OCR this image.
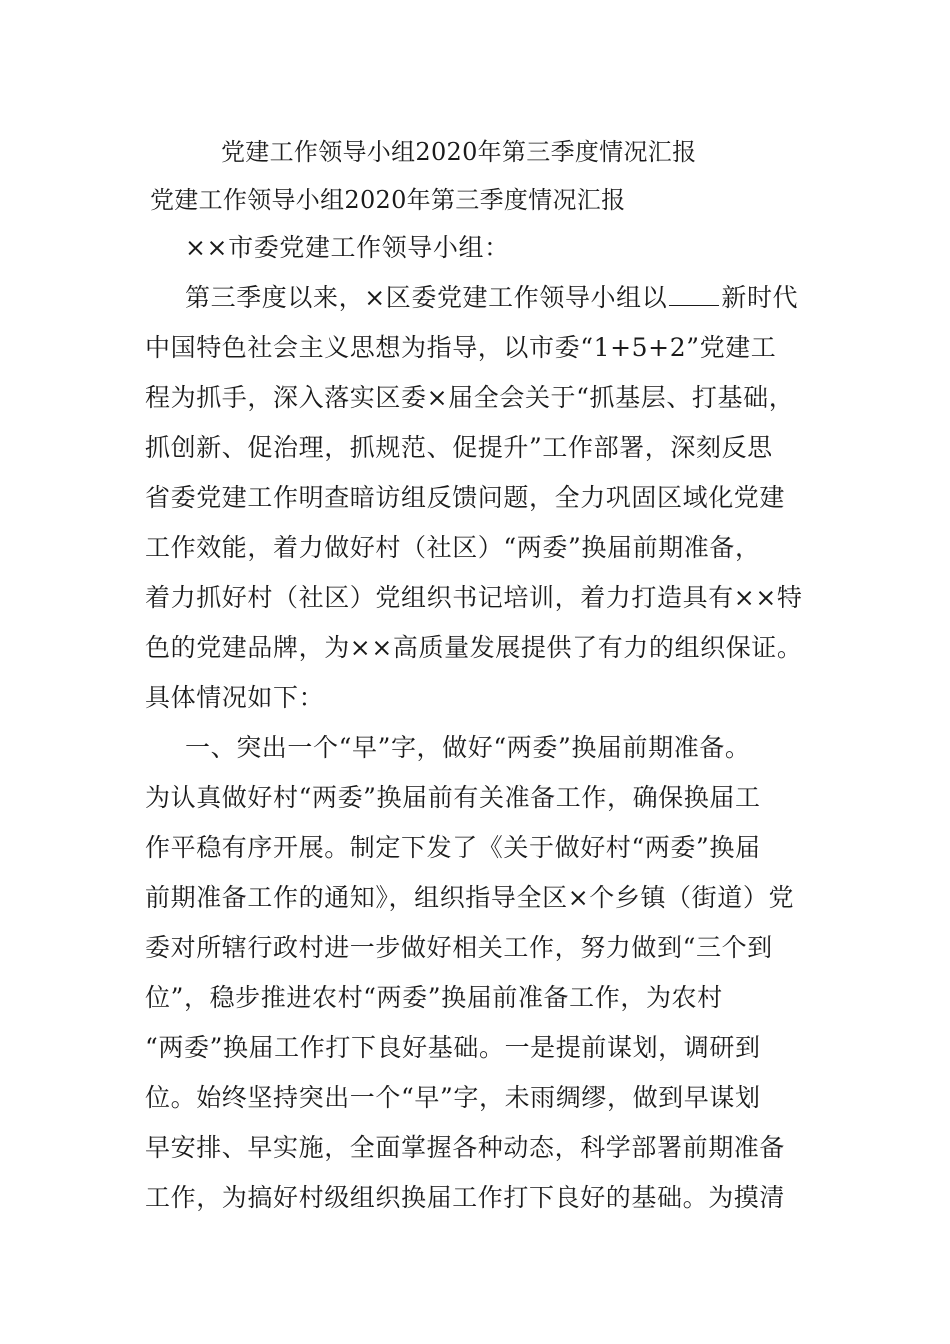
党建工作领导小组2020年第三季度情况汇报
党建工作领导小组2020年第三季度情况汇报
××市委党建工作领导小组：
第三季度以来，×区委党建工作领导小组以 新时代
中国特色社会主义思想为指导，以市委“1+5+2”党建工
程为抓手，深入落实区委×届全会关于“抓基层、打基础，
抓创新、促治理，抓规范、促提升”工作部署，深刻反思
省委党建工作明查暗访组反馈问题，全力巩固区域化党建
工作效能，着力做好村（社区）“两委”换届前期准备，
着力抓好村（社区）党组织书记培训，着力打造具有××特
色的党建品牌，为××高质量发展提供了有力的组织保证。
具体情况如下：
一、突出一个“早”字，做好“两委”换届前期准备。
为认真做好村“两委”换届前有关准备工作，确保换届工
作平稳有序开展。制定下发了《关于做好村“两委”换届
前期准备工作的通知》，组织指导全区×个乡镇（街道）党
委对所辖行政村进一步做好相关工作，努力做到“三个到
位”，稳步推进农村“两委”换届前准备工作，为农村
“两委”换届工作打下良好基础。一是提前谋划，调研到
位。始终坚持突出一个“早”字，未雨绸缪，做到早谋划
早安排、早实施，全面掌握各种动态，科学部署前期准备
工作，为搞好村级组织换届工作打下良好的基础。为摸清
